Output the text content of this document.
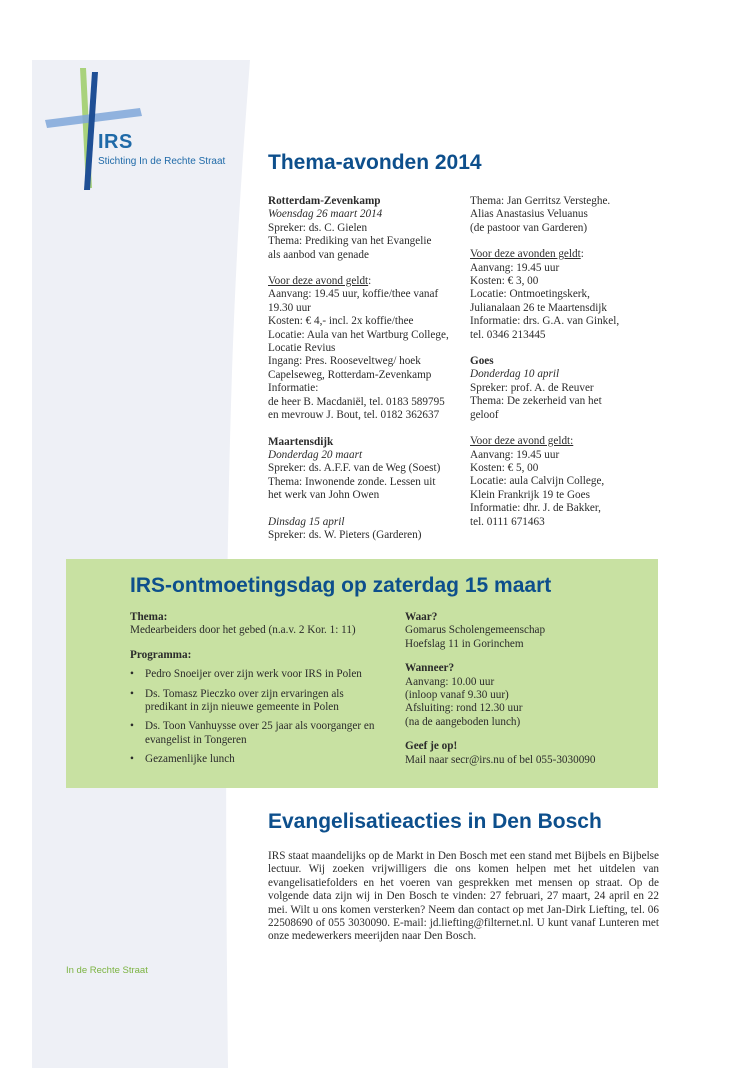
IRS
Stichting In de Rechte Straat Thema-avonden 2014

Rotterdam-Zevenkamp

Woensdag 26 maart 2014

Spreker: ds. C. Gielen

Thema: Prediking van het Evangelie

als aanbod van genade

Voor deze avond geldt:

Aanvang: 19.45 uur, koffie/thee vanaf

19.30 uur

Kosten: € 4,- incl. 2x koffie/thee

Locatie: Aula van het Wartburg College,

Locatie Revius

Ingang: Pres. Rooseveltweg/ hoek

Capelseweg, Rotterdam-Zevenkamp

Informatie:

de heer B. Macdaniël, tel. 0183 589795

en mevrouw J. Bout, tel. 0182 362637

Maartensdijk

Donderdag 20 maart

Spreker: ds. A.F.F. van de Weg (Soest)

Thema: Inwonende zonde. Lessen uit

het werk van John Owen

Dinsdag 15 april

Spreker: ds. W. Pieters (Garderen)

Thema: Jan Gerritsz Versteghe.

Alias Anastasius Veluanus

(de pastoor van Garderen)

Voor deze avonden geldt:

Aanvang: 19.45 uur

Kosten: € 3, 00

Locatie: Ontmoetingskerk,

Julianalaan 26 te Maartensdijk

Informatie: drs. G.A. van Ginkel,

tel. 0346 213445

Goes

Donderdag 10 april

Spreker: prof. A. de Reuver

Thema: De zekerheid van het

geloof

Voor deze avond geldt:

Aanvang: 19.45 uur

Kosten: € 5, 00

Locatie: aula Calvijn College,

Klein Frankrijk 19 te Goes

Informatie: dhr. J. de Bakker,

tel. 0111 671463

IRS-ontmoetingsdag op zaterdag 15 maart

Thema:

Medearbeiders door het gebed (n.a.v. 2 Kor. 1: 11)

Programma:

• Pedro Snoeijer over zijn werk voor IRS in Polen
• Ds. Tomasz Pieczko over zijn ervaringen als predikant in zijn nieuwe gemeente in Polen
• Ds. Toon Vanhuysse over 25 jaar als voorganger en evangelist in Tongeren
• Gezamenlijke lunch

Waar?

Gomarus Scholengemeenschap

Hoefslag 11 in Gorinchem

Wanneer?

Aanvang: 10.00 uur

(inloop vanaf 9.30 uur)

Afsluiting: rond 12.30 uur

(na de aangeboden lunch)

Geef je op!

Mail naar secr@irs.nu of bel 055-3030090

Evangelisatieacties in Den Bosch
IRS staat maandelijks op de Markt in Den Bosch met een stand met Bijbels en Bijbelse lectuur. Wij zoeken vrijwilligers die ons komen helpen met het uitdelen van evangelisatiefolders en het voeren van gesprekken met mensen op straat. Op de volgende data zijn wij in Den Bosch te vinden: 27 februari, 27 maart, 24 april en 22 mei. Wilt u ons komen versterken? Neem dan contact op met Jan-Dirk Liefting, tel. 06 22508690 of 055 3030090. E-mail: jd.liefting@filternet.nl. U kunt vanaf Lunteren met onze medewerkers meerijden naar Den Bosch.
In de Rechte Straat
